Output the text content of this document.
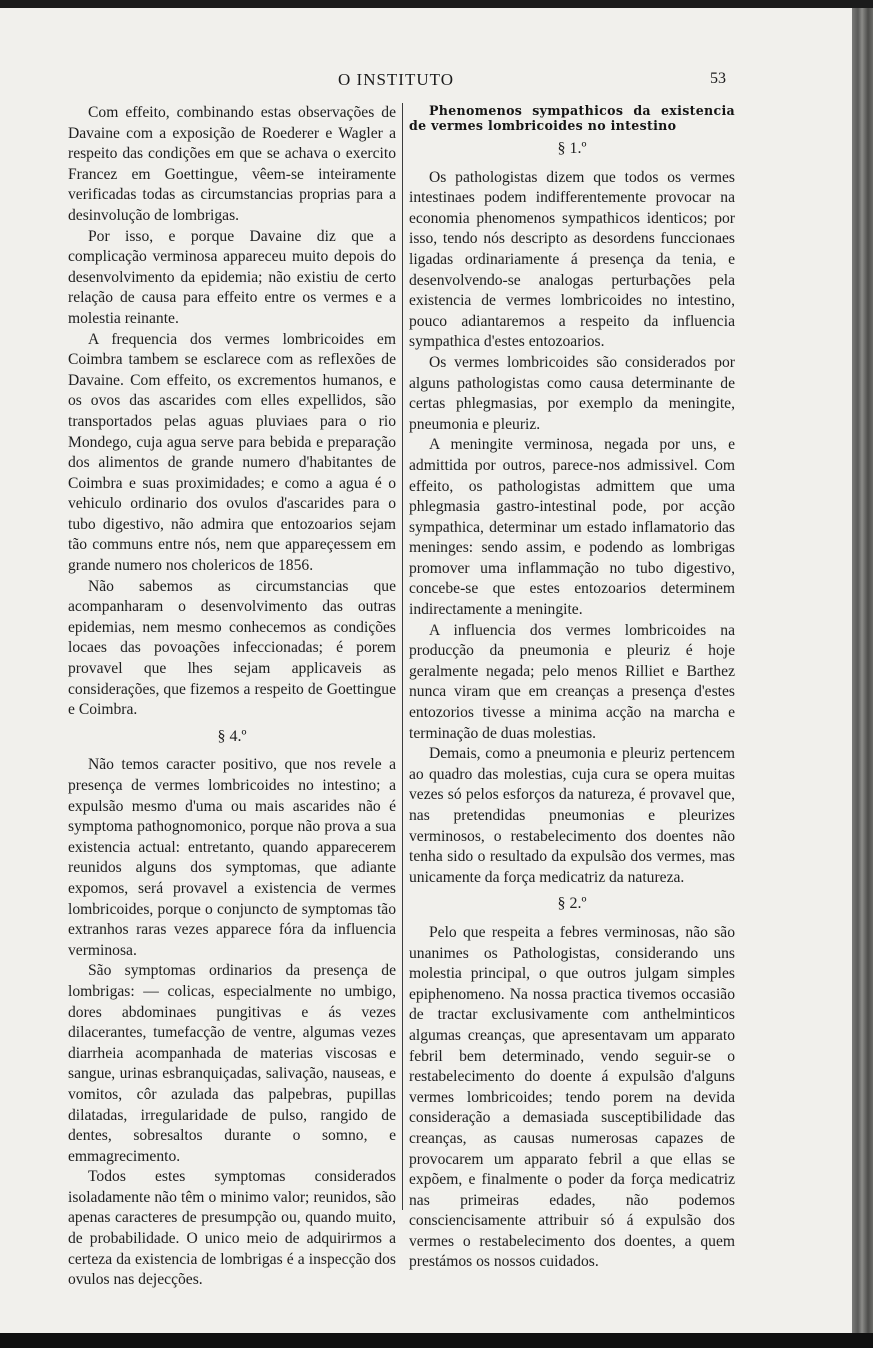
O INSTITUTO	53

Com effeito, combinando estas observações de Davaine com a exposição de Roederer e Wagler a respeito das condições em que se achava o exercito Francez em Goettingue, vêem-se inteiramente verificadas todas as circumstancias proprias para a desinvolução de lombrigas.

Por isso, e porque Davaine diz que a complicação verminosa appareceu muito depois do desenvolvimento da epidemia; não existiu de certo relação de causa para effeito entre os vermes e a molestia reinante.

A frequencia dos vermes lombricoides em Coimbra tambem se esclarece com as reflexões de Davaine. Com effeito, os excrementos humanos, e os ovos das ascarides com elles expellidos, são transportados pelas aguas pluviaes para o rio Mondego, cuja agua serve para bebida e preparação dos alimentos de grande numero d'habitantes de Coimbra e suas proximidades; e como a agua é o vehiculo ordinario dos ovulos d'ascarides para o tubo digestivo, não admira que entozoarios sejam tão communs entre nós, nem que appareçessem em grande numero nos cholericos de 1856.

Não sabemos as circumstancias que acompanharam o desenvolvimento das outras epidemias, nem mesmo conhecemos as condições locaes das povoações infeccionadas; é porem provavel que lhes sejam applicaveis as considerações, que fizemos a respeito de Goettingue e Coimbra.

§ 4.º

Não temos caracter positivo, que nos revele a presença de vermes lombricoides no intestino; a expulsão mesmo d'uma ou mais ascarides não é symptoma pathognomonico, porque não prova a sua existencia actual: entretanto, quando apparecerem reunidos alguns dos symptomas, que adiante expomos, será provavel a existencia de vermes lombricoides, porque o conjuncto de symptomas tão extranhos raras vezes apparece fóra da influencia verminosa.

São symptomas ordinarios da presença de lombrigas: — colicas, especialmente no umbigo, dores abdominaes pungitivas e ás vezes dilacerantes, tumefacção de ventre, algumas vezes diarrheia acompanhada de materias viscosas e sangue, urinas esbranquiçadas, salivação, nauseas, e vomitos, côr azulada das palpebras, pupillas dilatadas, irregularidade de pulso, rangido de dentes, sobresaltos durante o somno, e emmagrecimento.

Todos estes symptomas considerados isoladamente não têm o minimo valor; reunidos, são apenas caracteres de presumpção ou, quando muito, de probabilidade. O unico meio de adquirirmos a certeza da existencia de lombrigas é a inspecção dos ovulos nas dejecções.

Phenomenos sympathicos da existencia de vermes lombricoides no intestino

§ 1.º

Os pathologistas dizem que todos os vermes intestinaes podem indifferentemente provocar na economia phenomenos sympathicos identicos; por isso, tendo nós descripto as desordens funccionaes ligadas ordinariamente á presença da tenia, e desenvolvendo-se analogas perturbações pela existencia de vermes lombricoides no intestino, pouco adiantaremos a respeito da influencia sympathica d'estes entozoarios.

Os vermes lombricoides são considerados por alguns pathologistas como causa determinante de certas phlegmasias, por exemplo da meningite, pneumonia e pleuriz.

A meningite verminosa, negada por uns, e admittida por outros, parece-nos admissivel. Com effeito, os pathologistas admittem que uma phlegmasia gastro-intestinal pode, por acção sympathica, determinar um estado inflamatorio das meninges: sendo assim, e podendo as lombrigas promover uma inflammação no tubo digestivo, concebe-se que estes entozoarios determinem indirectamente a meningite.

A influencia dos vermes lombricoides na producção da pneumonia e pleuriz é hoje geralmente negada; pelo menos Rilliet e Barthez nunca viram que em creanças a presença d'estes entozorios tivesse a minima acção na marcha e terminação de duas molestias.

Demais, como a pneumonia e pleuriz pertencem ao quadro das molestias, cuja cura se opera muitas vezes só pelos esforços da natureza, é provavel que, nas pretendidas pneumonias e pleurizes verminosos, o restabelecimento dos doentes não tenha sido o resultado da expulsão dos vermes, mas unicamente da força medicatriz da natureza.

§ 2.º

Pelo que respeita a febres verminosas, não são unanimes os Pathologistas, considerando uns molestia principal, o que outros julgam simples epiphenomeno. Na nossa practica tivemos occasião de tractar exclusivamente com anthelminticos algumas creanças, que apresentavam um apparato febril bem determinado, vendo seguir-se o restabelecimento do doente á expulsão d'alguns vermes lombricoides; tendo porem na devida consideração a demasiada susceptibilidade das creanças, as causas numerosas capazes de provocarem um apparato febril a que ellas se expõem, e finalmente o poder da força medicatriz nas primeiras edades, não podemos consciencisamente attribuir só á expulsão dos vermes o restabelecimento dos doentes, a quem prestámos os nossos cuidados.
